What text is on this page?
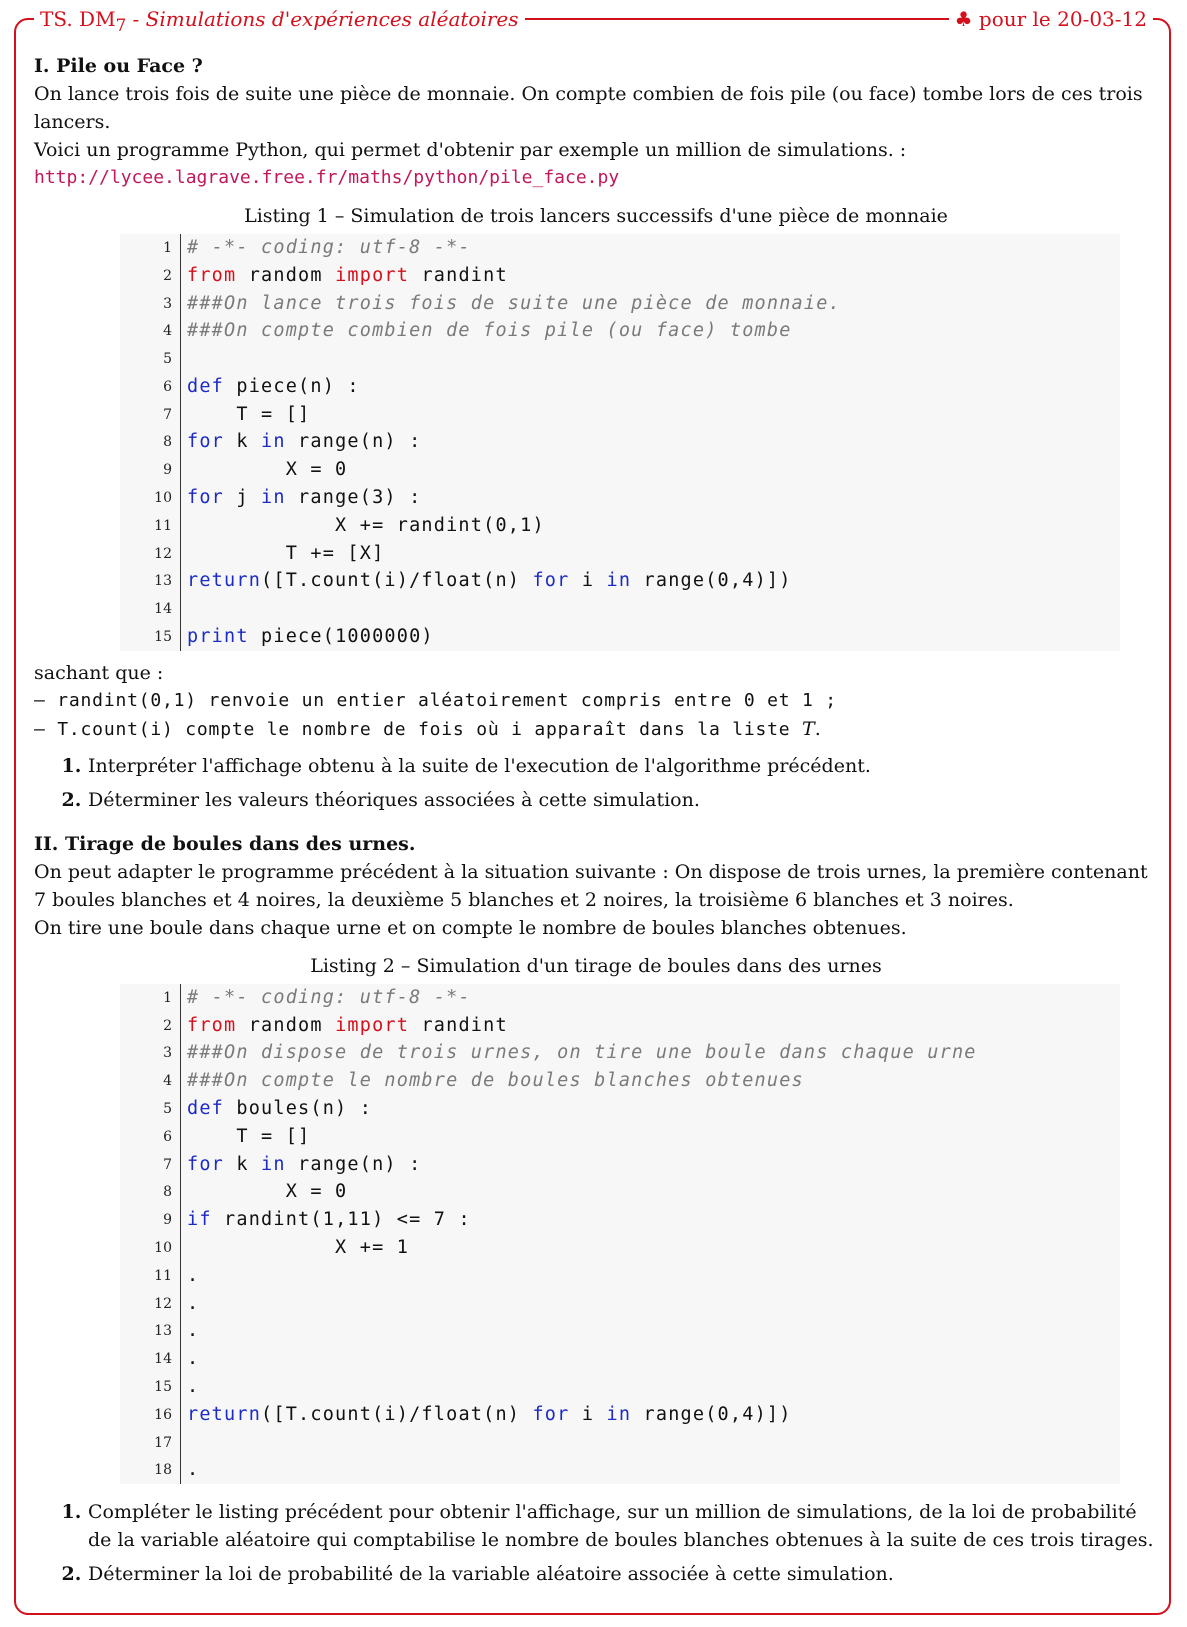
TS. $DM_7$ - Simulations d'expériences aléatoires	♣ pour le 20-03-12

I. Pile ou Face ?

On lance trois fois de suite une pièce de monnaie. On compte combien de fois pile (ou face) tombe lors de ces trois lancers.

Voici un programme Python, qui permet d'obtenir par exemple un million de simulations. :

http://lycee.lagrave.free.fr/maths/python/pile_face.py

Listing 1 – Simulation de trois lancers successifs d'une pièce de monnaie

1 # -*- coding: utf-8 -*-
2 from random import randint
3 ###On lance trois fois de suite une pièce de monnaie.
4 ###On compte combien de fois pile (ou face) tombe
5

6 def piece(n) :
7 T = []
8 for k in range(n) :
9 X = 0
10 for j in range(3) :
11 X += randint(0,1)
12 T += [X]
13 return ([T.count(i)/float(n) for i in range(0,4)])
14

15 print piece(1000000)

sachant que :

– randint(0,1) renvoie un entier aléatoirement compris entre 0 et 1 ;

– T.count(i) compte le nombre de fois où i apparaît dans la liste T.

1. Interpréter l'affichage obtenu à la suite de l'execution de l'algorithme précédent.
2. Déterminer les valeurs théoriques associées à cette simulation.

II. Tirage de boules dans des urnes.

On peut adapter le programme précédent à la situation suivante : On dispose de trois urnes, la première contenant 7 boules blanches et 4 noires, la deuxième 5 blanches et 2 noires, la troisième 6 blanches et 3 noires.

On tire une boule dans chaque urne et on compte le nombre de boules blanches obtenues.

Listing 2 – Simulation d'un tirage de boules dans des urnes

1 # -*- coding: utf-8 -*-
2 from random import randint
3 ###On dispose de trois urnes, on tire une boule dans chaque urne
4 ###On compte le nombre de boules blanches obtenues
5 def boules(n) :
6 T = []
7 for k in range(n) :
8 X = 0
9 if randint(1,11) <= 7 :
10 X += 1
11 .
12 .
13 .
14 .
15 .
16 return ([T.count(i)/float(n) for i in range(0,4)])
17

18 .
1. Compléter le listing précédent pour obtenir l'affichage, sur un million de simulations, de la loi de probabilité de la variable aléatoire qui comptabilise le nombre de boules blanches obtenues à la suite de ces trois tirages.
2. Déterminer la loi de probabilité de la variable aléatoire associée à cette simulation.
